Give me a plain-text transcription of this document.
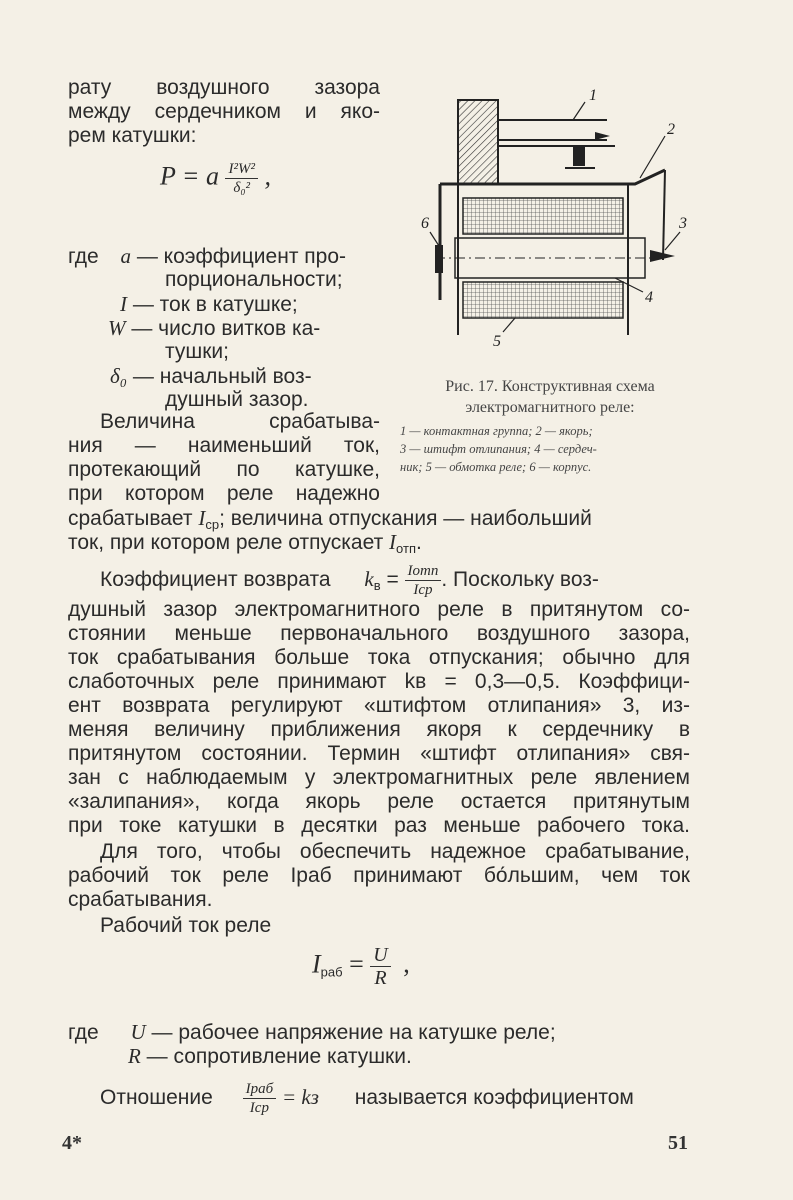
рату воздушного зазора
между сердечником и яко-
рем катушки:
P = a $\frac{\text{I²W²}}{\text{δ₀²}}$ ,
где a — коэффициент про-
порциональности;
I — ток в катушке;
W — число витков ка-
тушки;
δ₀ — начальный воз-
душный зазор.
Величина срабатыва-
ния — наименьший ток,
протекающий по катушке,
при котором реле надежно
срабатывает $I_{ср}$; величина отпускания — наибольший
ток, при котором реле отпускает $I_{отп}$.
Коэффициент возврата $k_в = \frac{\text{Iотп}}{\text{Iср}}$ . Поскольку воз-
душный зазор электромагнитного реле в притянутом со-
стоянии меньше первоначального воздушного зазора,
ток срабатывания больше тока отпускания; обычно для
слаботочных реле принимают kв = 0,3—0,5. Коэффици-
ент возврата регулируют «штифтом отлипания» 3, из-
меняя величину приближения якоря к сердечнику в
притянутом состоянии. Термин «штифт отлипания» свя-
зан с наблюдаемым у электромагнитных реле явлением
«залипания», когда якорь реле остается притянутым
при токе катушки в десятки раз меньше рабочего тока.
Для того, чтобы обеспечить надежное срабатывание,
рабочий ток реле Iраб принимают бо́льшим, чем ток
срабатывания.
Рабочий ток реле
$I_{раб} = \frac{U}{R}$ ,
где U — рабочее напряжение на катушке реле;
R — сопротивление катушки.
Отношение $\frac{\text{Iраб}}{\text{Iср}}$ = kз называется коэффициентом
1
2
3
4
5
6
Рис. 17. Конструктивная схема
электромагнитного реле:
1 — контактная группа; 2 — якорь;
3 — штифт отлипания; 4 — сердеч-
ник; 5 — обмотка реле; 6 — корпус.
4*	51
